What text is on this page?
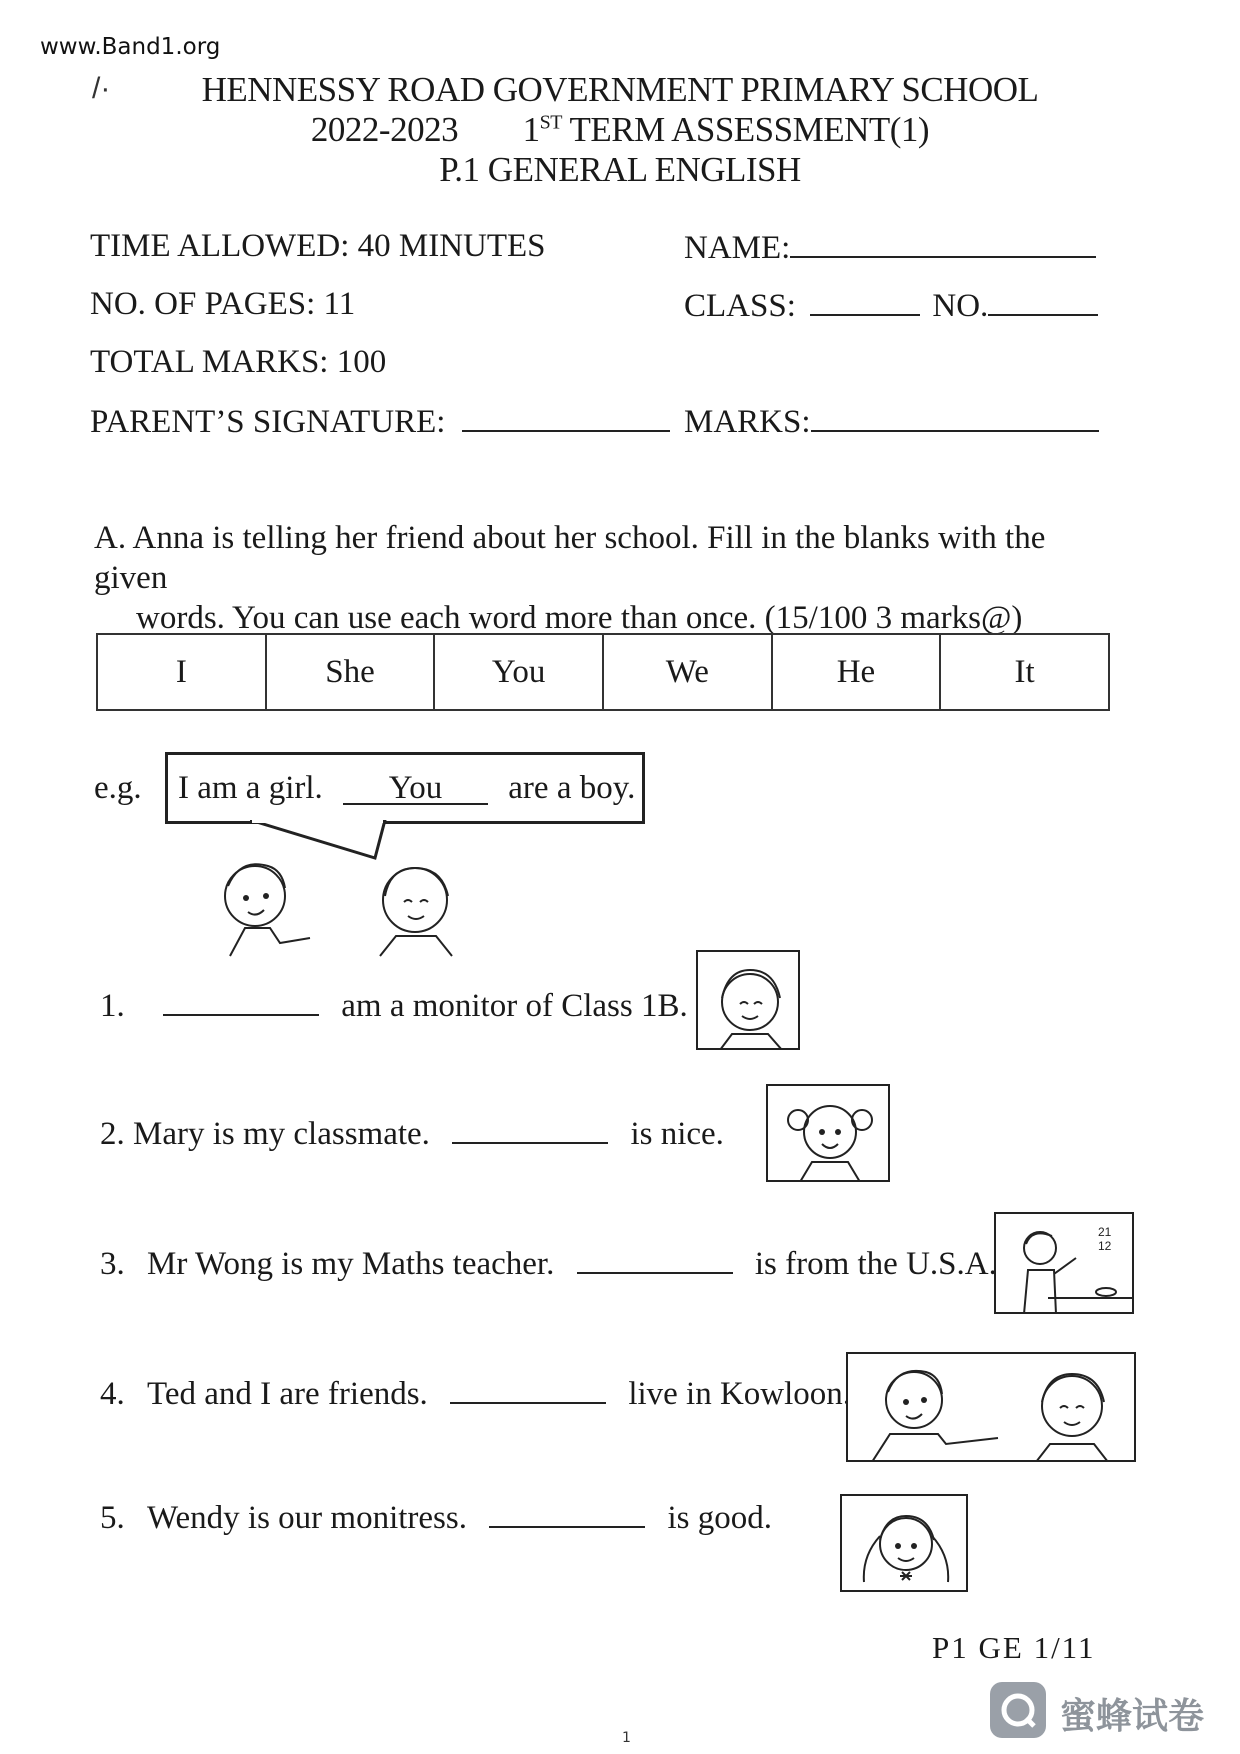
www.Band1.org
/·	HENNESSY ROAD GOVERNMENT PRIMARY SCHOOL
2022-2023 1ST TERM ASSESSMENT(1)
P.1 GENERAL ENGLISH
TIME ALLOWED: 40 MINUTES
NO. OF PAGES: 11
TOTAL MARKS: 100
PARENT’S SIGNATURE:
NAME:
CLASS:	NO.
MARKS:
A. Anna is telling her friend about her school. Fill in the blanks with the given
words. You can use each word more than once. (15/100 3 marks@)
I	She	You	We	He	It
e.g.	I am a girl. You are a boy.
1.	am a monitor of Class 1B.
2. Mary is my classmate.	is nice.
3. Mr Wong is my Maths teacher.	is from the U.S.A.
4. Ted and I are friends.	live in Kowloon.
5. Wendy is our monitress.	is good.
21
12
P1 GE 1/11
1
蜜蜂试卷
